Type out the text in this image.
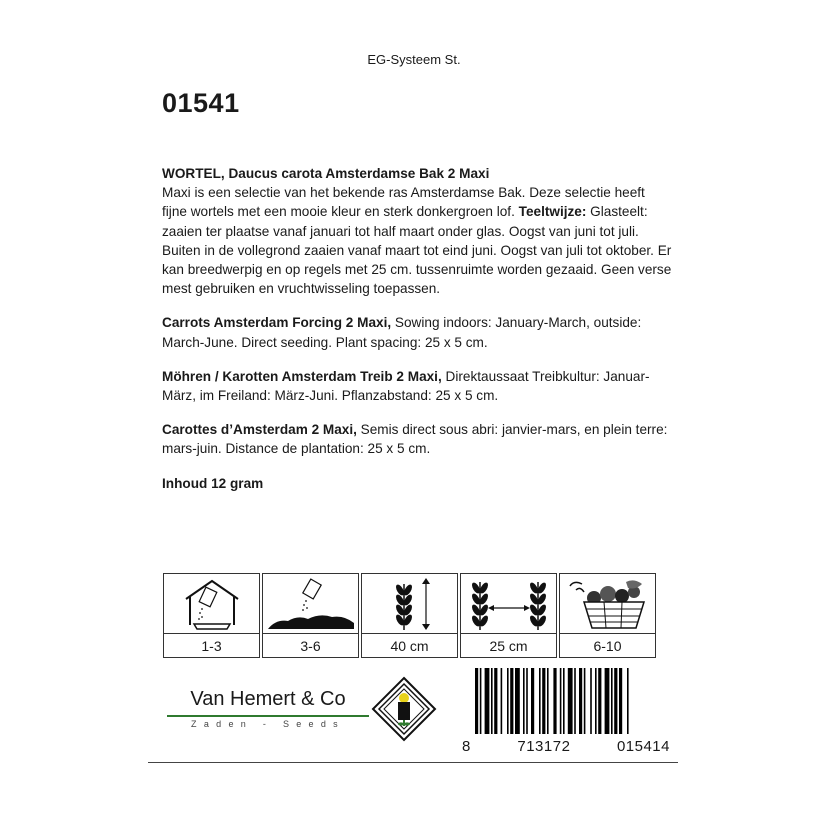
EG-Systeem St.
01541

WORTEL, Daucus carota Amsterdamse Bak 2 Maxi
Maxi is een selectie van het bekende ras Amsterdamse Bak. Deze selectie heeft fijne wortels met een mooie kleur en sterk donkergroen lof. Teeltwijze: Glasteelt: zaaien ter plaatse vanaf januari tot half maart onder glas. Oogst van juni tot juli. Buiten in de vollegrond zaaien vanaf maart tot eind juni. Oogst van juli tot oktober. Er kan breedwerpig en op regels met 25 cm. tussenruimte worden gezaaid. Geen verse mest gebruiken en vruchtwisseling toepassen.

Carrots Amsterdam Forcing 2 Maxi, Sowing indoors: January-March, outside: March-June. Direct seeding. Plant spacing: 25 x 5 cm.

Möhren / Karotten Amsterdam Treib 2 Maxi, Direktaussaat Treibkultur: Januar-März, im Freiland: März-Juni. Pflanzabstand: 25 x 5 cm.

Carottes d’Amsterdam 2 Maxi, Semis direct sous abri: janvier-mars, en plein terre: mars-juin. Distance de plantation: 25 x 5 cm.

Inhoud 12 gram

1-3	3-6	40 cm	25 cm	6-10
Van Hemert & Co
Zaden - Seeds
8	713172	015414
